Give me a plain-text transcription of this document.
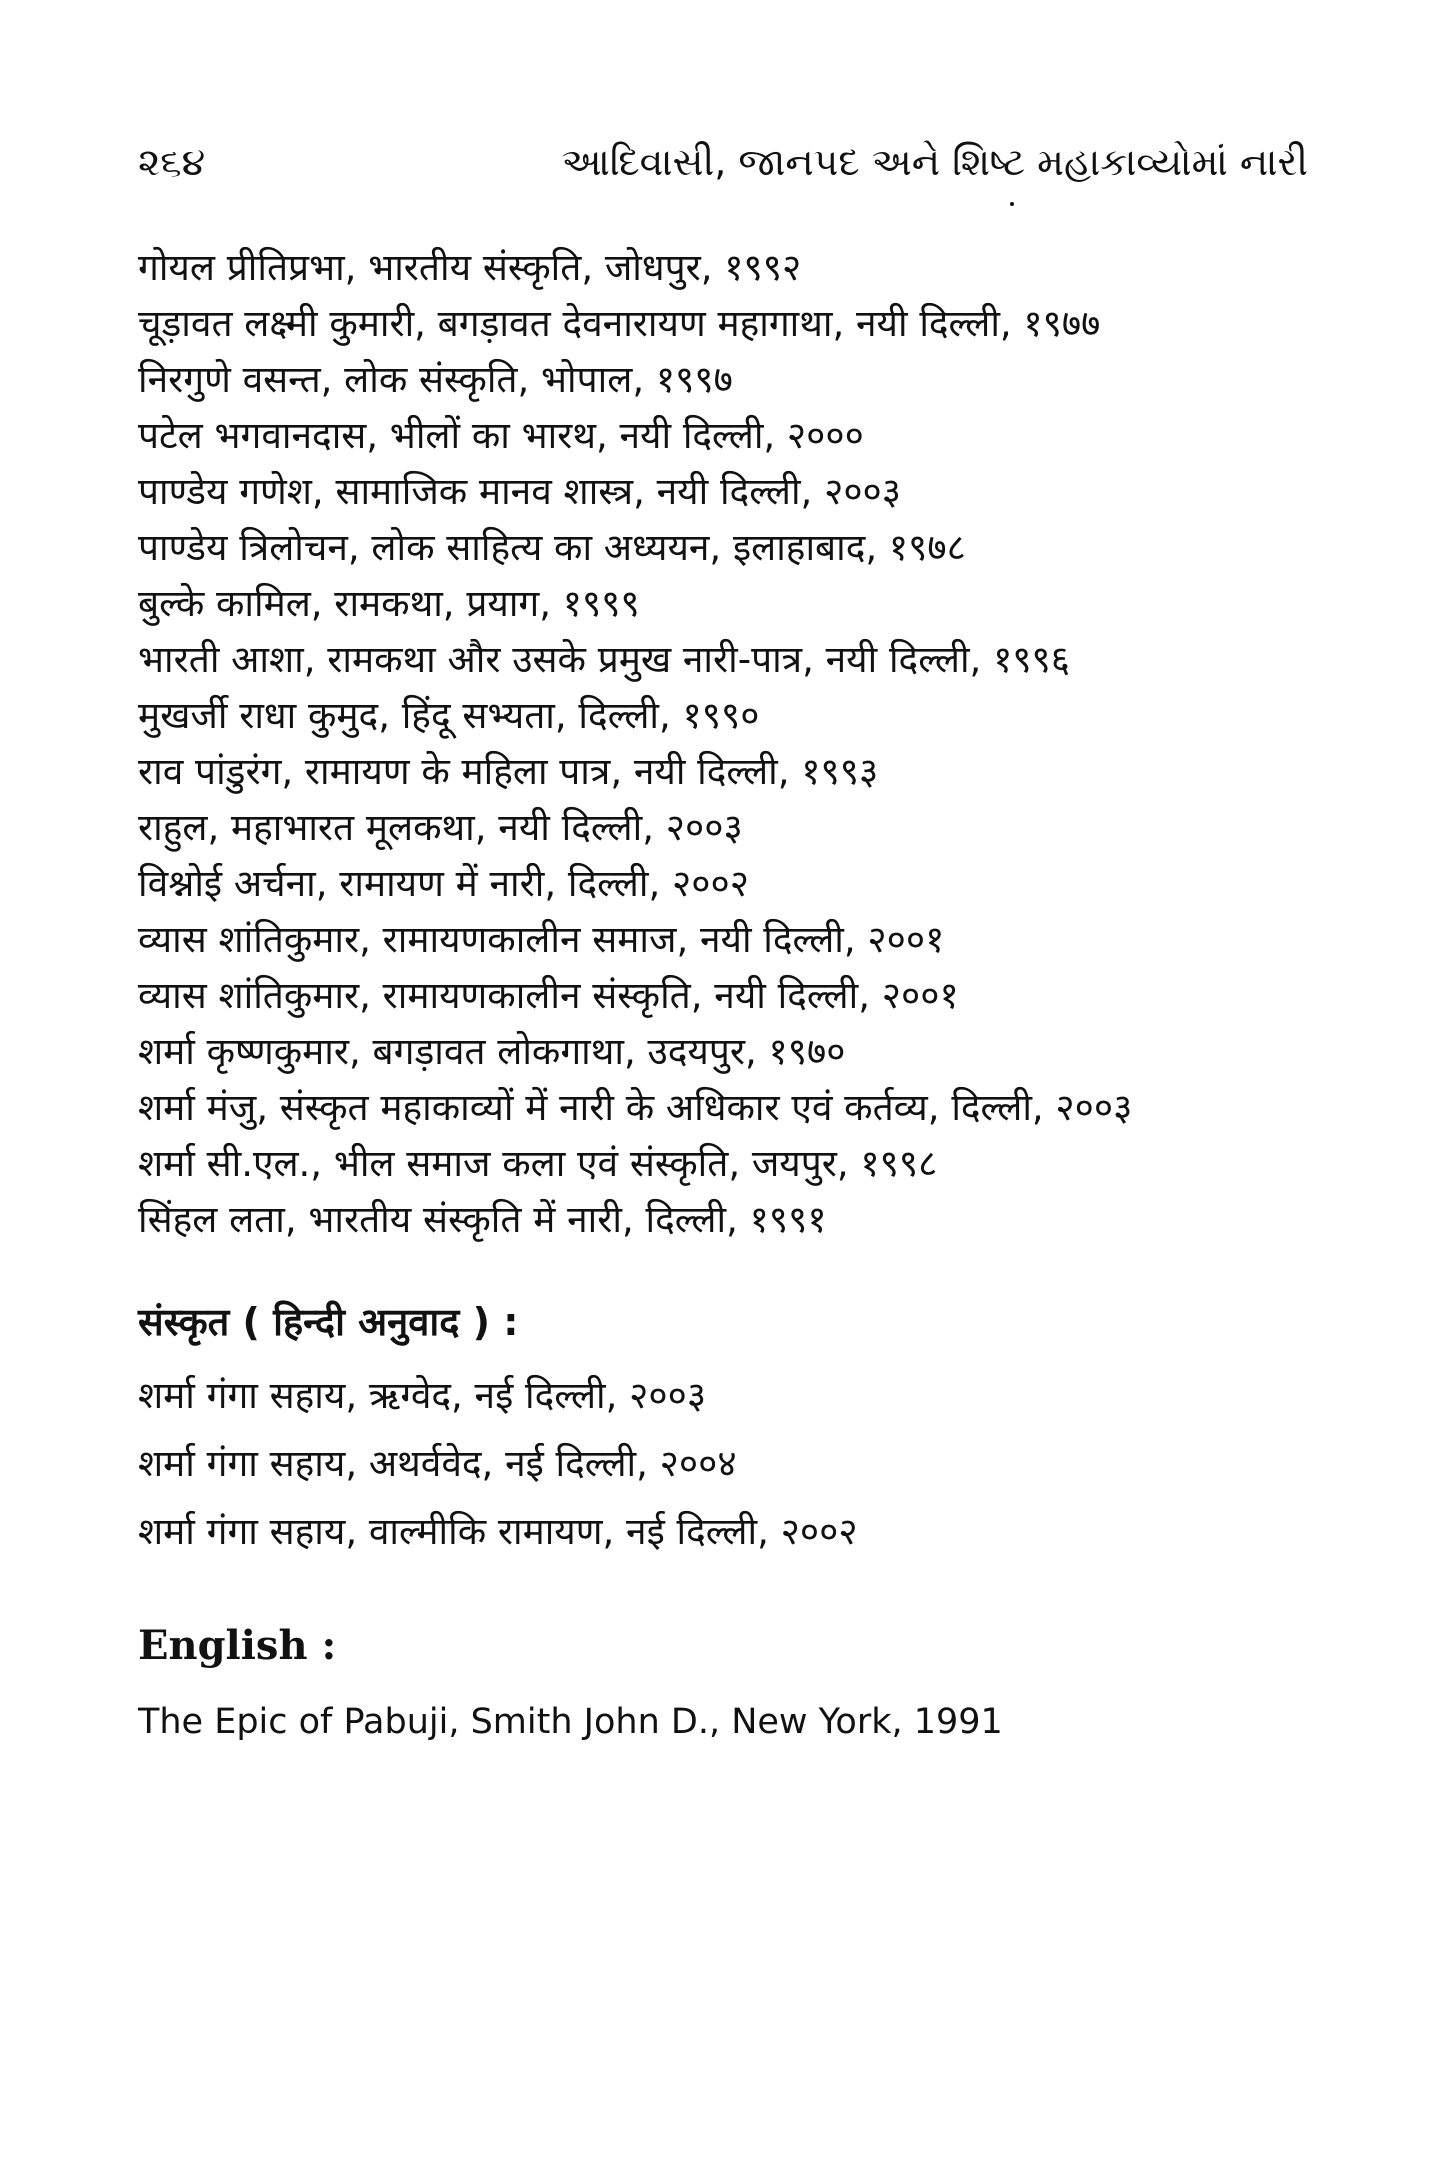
૨૬૪	આદિવાસી, જાનપદ અને શિષ્ટ મહાકાવ્યોમાં નારી
गोयल प्रीतिप्रभा, भारतीय संस्कृति, जोधपुर, १९९२
चूड़ावत लक्ष्मी कुमारी, बगड़ावत देवनारायण महागाथा, नयी दिल्ली, १९७७
निरगुणे वसन्त, लोक संस्कृति, भोपाल, १९९७
पटेल भगवानदास, भीलों का भारथ, नयी दिल्ली, २०००
पाण्डेय गणेश, सामाजिक मानव शास्त्र, नयी दिल्ली, २००३
पाण्डेय त्रिलोचन, लोक साहित्य का अध्ययन, इलाहाबाद, १९७८
बुल्के कामिल, रामकथा, प्रयाग, १९९९
भारती आशा, रामकथा और उसके प्रमुख नारी-पात्र, नयी दिल्ली, १९९६
मुखर्जी राधा कुमुद, हिंदू सभ्यता, दिल्ली, १९९०
राव पांडुरंग, रामायण के महिला पात्र, नयी दिल्ली, १९९३
राहुल, महाभारत मूलकथा, नयी दिल्ली, २००३
विश्नोई अर्चना, रामायण में नारी, दिल्ली, २००२
व्यास शांतिकुमार, रामायणकालीन समाज, नयी दिल्ली, २००१
व्यास शांतिकुमार, रामायणकालीन संस्कृति, नयी दिल्ली, २००१
शर्मा कृष्णकुमार, बगड़ावत लोकगाथा, उदयपुर, १९७०
शर्मा मंजु, संस्कृत महाकाव्यों में नारी के अधिकार एवं कर्तव्य, दिल्ली, २००३
शर्मा सी.एल., भील समाज कला एवं संस्कृति, जयपुर, १९९८
सिंहल लता, भारतीय संस्कृति में नारी, दिल्ली, १९९१
संस्कृत ( हिन्दी अनुवाद ) :
शर्मा गंगा सहाय, ऋग्वेद, नई दिल्ली, २००३
शर्मा गंगा सहाय, अथर्ववेद, नई दिल्ली, २००४
शर्मा गंगा सहाय, वाल्मीकि रामायण, नई दिल्ली, २००२
English :
The Epic of Pabuji, Smith John D., New York, 1991
